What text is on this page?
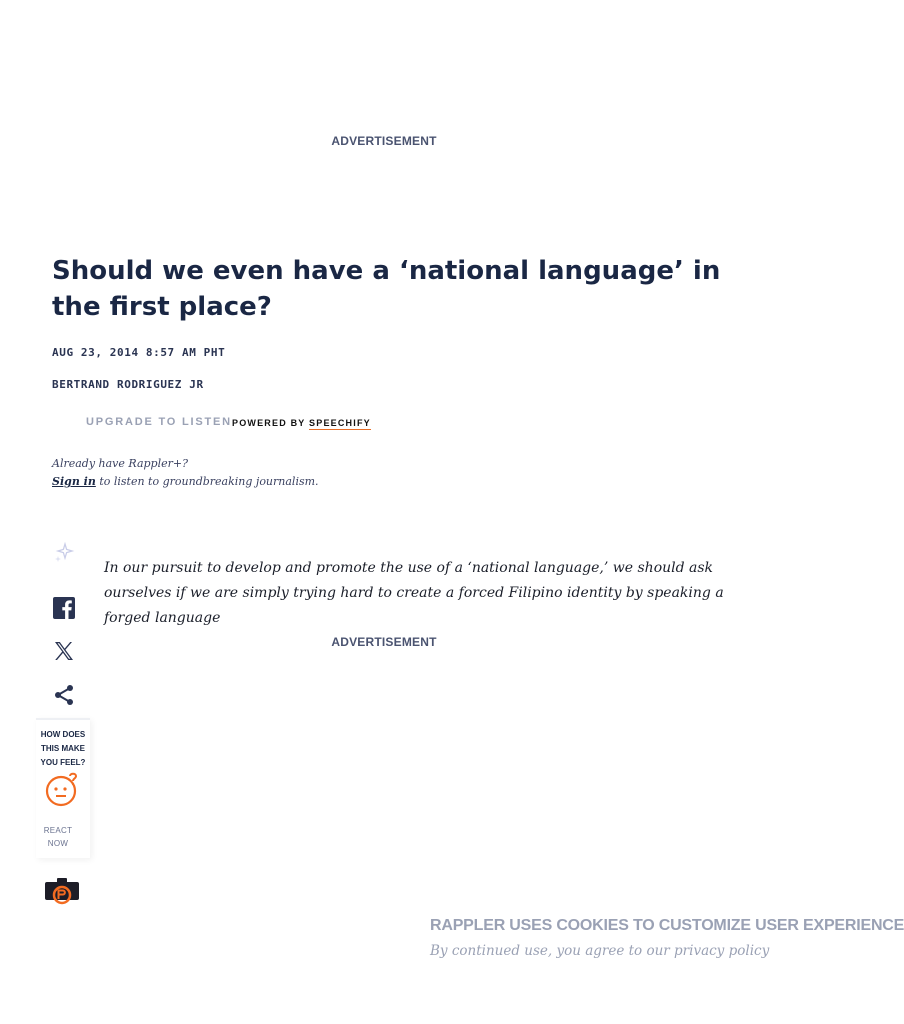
ADVERTISEMENT
Should we even have a ‘national language’ in the first place?
AUG 23, 2014 8:57 AM PHT
BERTRAND RODRIGUEZ JR
UPGRADE TO LISTEN POWERED BY SPEECHIFY
Already have Rappler+?
Sign in to listen to groundbreaking journalism.
HOW DOES
THIS MAKE
YOU FEEL?
REACT
NOW

In our pursuit to develop and promote the use of a ‘national language,’ we should ask ourselves if we are simply trying hard to create a forced Filipino identity by speaking a forged language

ADVERTISEMENT
RAPPLER USES COOKIES TO CUSTOMIZE USER EXPERIENCE
By continued use, you agree to our privacy policy
